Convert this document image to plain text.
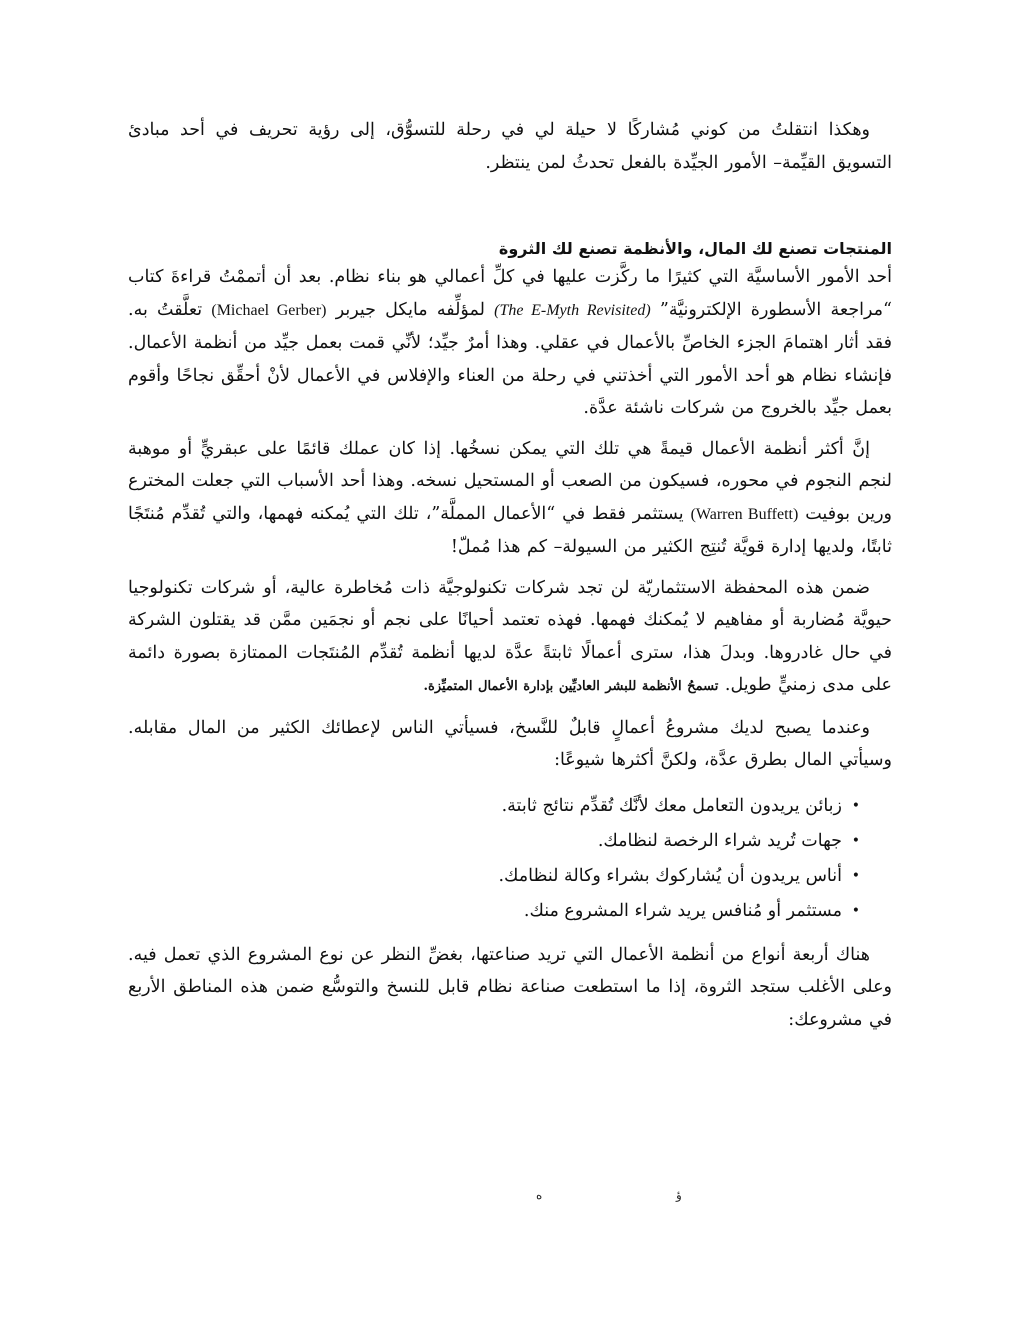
وهكذا انتقلتُ من كوني مُشاركًا لا حيلة لي في رحلة للتسوُّق، إلى رؤية تحريف في أحد مبادئ التسويق القيِّمة– الأمور الجيِّدة بالفعل تحدثُ لمن ينتظر.

المنتجات تصنع لك المال، والأنظمة تصنع لك الثروة

أحد الأمور الأساسيَّة التي كثيرًا ما ركَّزت عليها في كلِّ أعمالي هو بناء نظام. بعد أن أتممْتُ قراءةَ كتاب “مراجعة الأسطورة الإلكترونيَّة” (The E-Myth Revisited) لمؤلِّفه مايكل جيربر (Michael Gerber) تعلَّقتُ به. فقد أثار اهتمامَ الجزء الخاصِّ بالأعمال في عقلي. وهذا أمرٌ جيِّد؛ لأنِّي قمت بعمل جيِّد من أنظمة الأعمال. فإنشاء نظام هو أحد الأمور التي أخذتني في رحلة من العناء والإفلاس في الأعمال لأنْ أحقِّق نجاحًا وأقوم بعمل جيِّد بالخروج من شركات ناشئة عدَّة.

إنَّ أكثر أنظمة الأعمال قيمةً هي تلك التي يمكن نسخُها. إذا كان عملك قائمًا على عبقريٍّ أو موهبة لنجم النجوم في محوره، فسيكون من الصعب أو المستحيل نسخه. وهذا أحد الأسباب التي جعلت المخترع ورين بوفيت (Warren Buffett) يستثمر فقط في “الأعمال المملَّة”، تلك التي يُمكنه فهمها، والتي تُقدِّم مُنتَجًا ثابتًا، ولديها إدارة قويَّة تُنتِج الكثير من السيولة– كم هذا مُملّ!

ضمن هذه المحفظة الاستثماريّة لن تجد شركات تكنولوجيَّة ذات مُخاطرة عالية، أو شركات تكنولوجيا حيويَّة مُضاربة أو مفاهيم لا يُمكنك فهمها. فهذه تعتمد أحيانًا على نجم أو نجمَين ممَّن قد يقتلون الشركة في حال غادروها. وبدلَ هذا، سترى أعمالًا ثابتةً عدَّة لديها أنظمة تُقدِّم المُنتَجات الممتازة بصورة دائمة على مدى زمنيٍّ طويل. تسمحُ الأنظمة للبشر العاديِّين بإدارة الأعمال المتميِّزة.

وعندما يصبح لديك مشروعُ أعمالٍ قابلٌ للنَّسخ، فسيأتي الناس لإعطائك الكثير من المال مقابله. وسيأتي المال بطرق عدَّة، ولكنَّ أكثرها شيوعًا:

•
زبائن يريدون التعامل معك لأنَّك تُقدِّم نتائج ثابتة.
•
جهات تُريد شراء الرخصة لنظامك.
•
أناس يريدون أن يُشاركوك بشراء وكالة لنظامك.
•
مستثمر أو مُنافس يريد شراء المشروع منك.

هناك أربعة أنواع من أنظمة الأعمال التي تريد صناعتها، بغضِّ النظر عن نوع المشروع الذي تعمل فيه. وعلى الأغلب ستجد الثروة، إذا ما استطعت صناعة نظام قابل للنسخ والتوسُّع ضمن هذه المناطق الأربع في مشروعك:

ه	ؤ
